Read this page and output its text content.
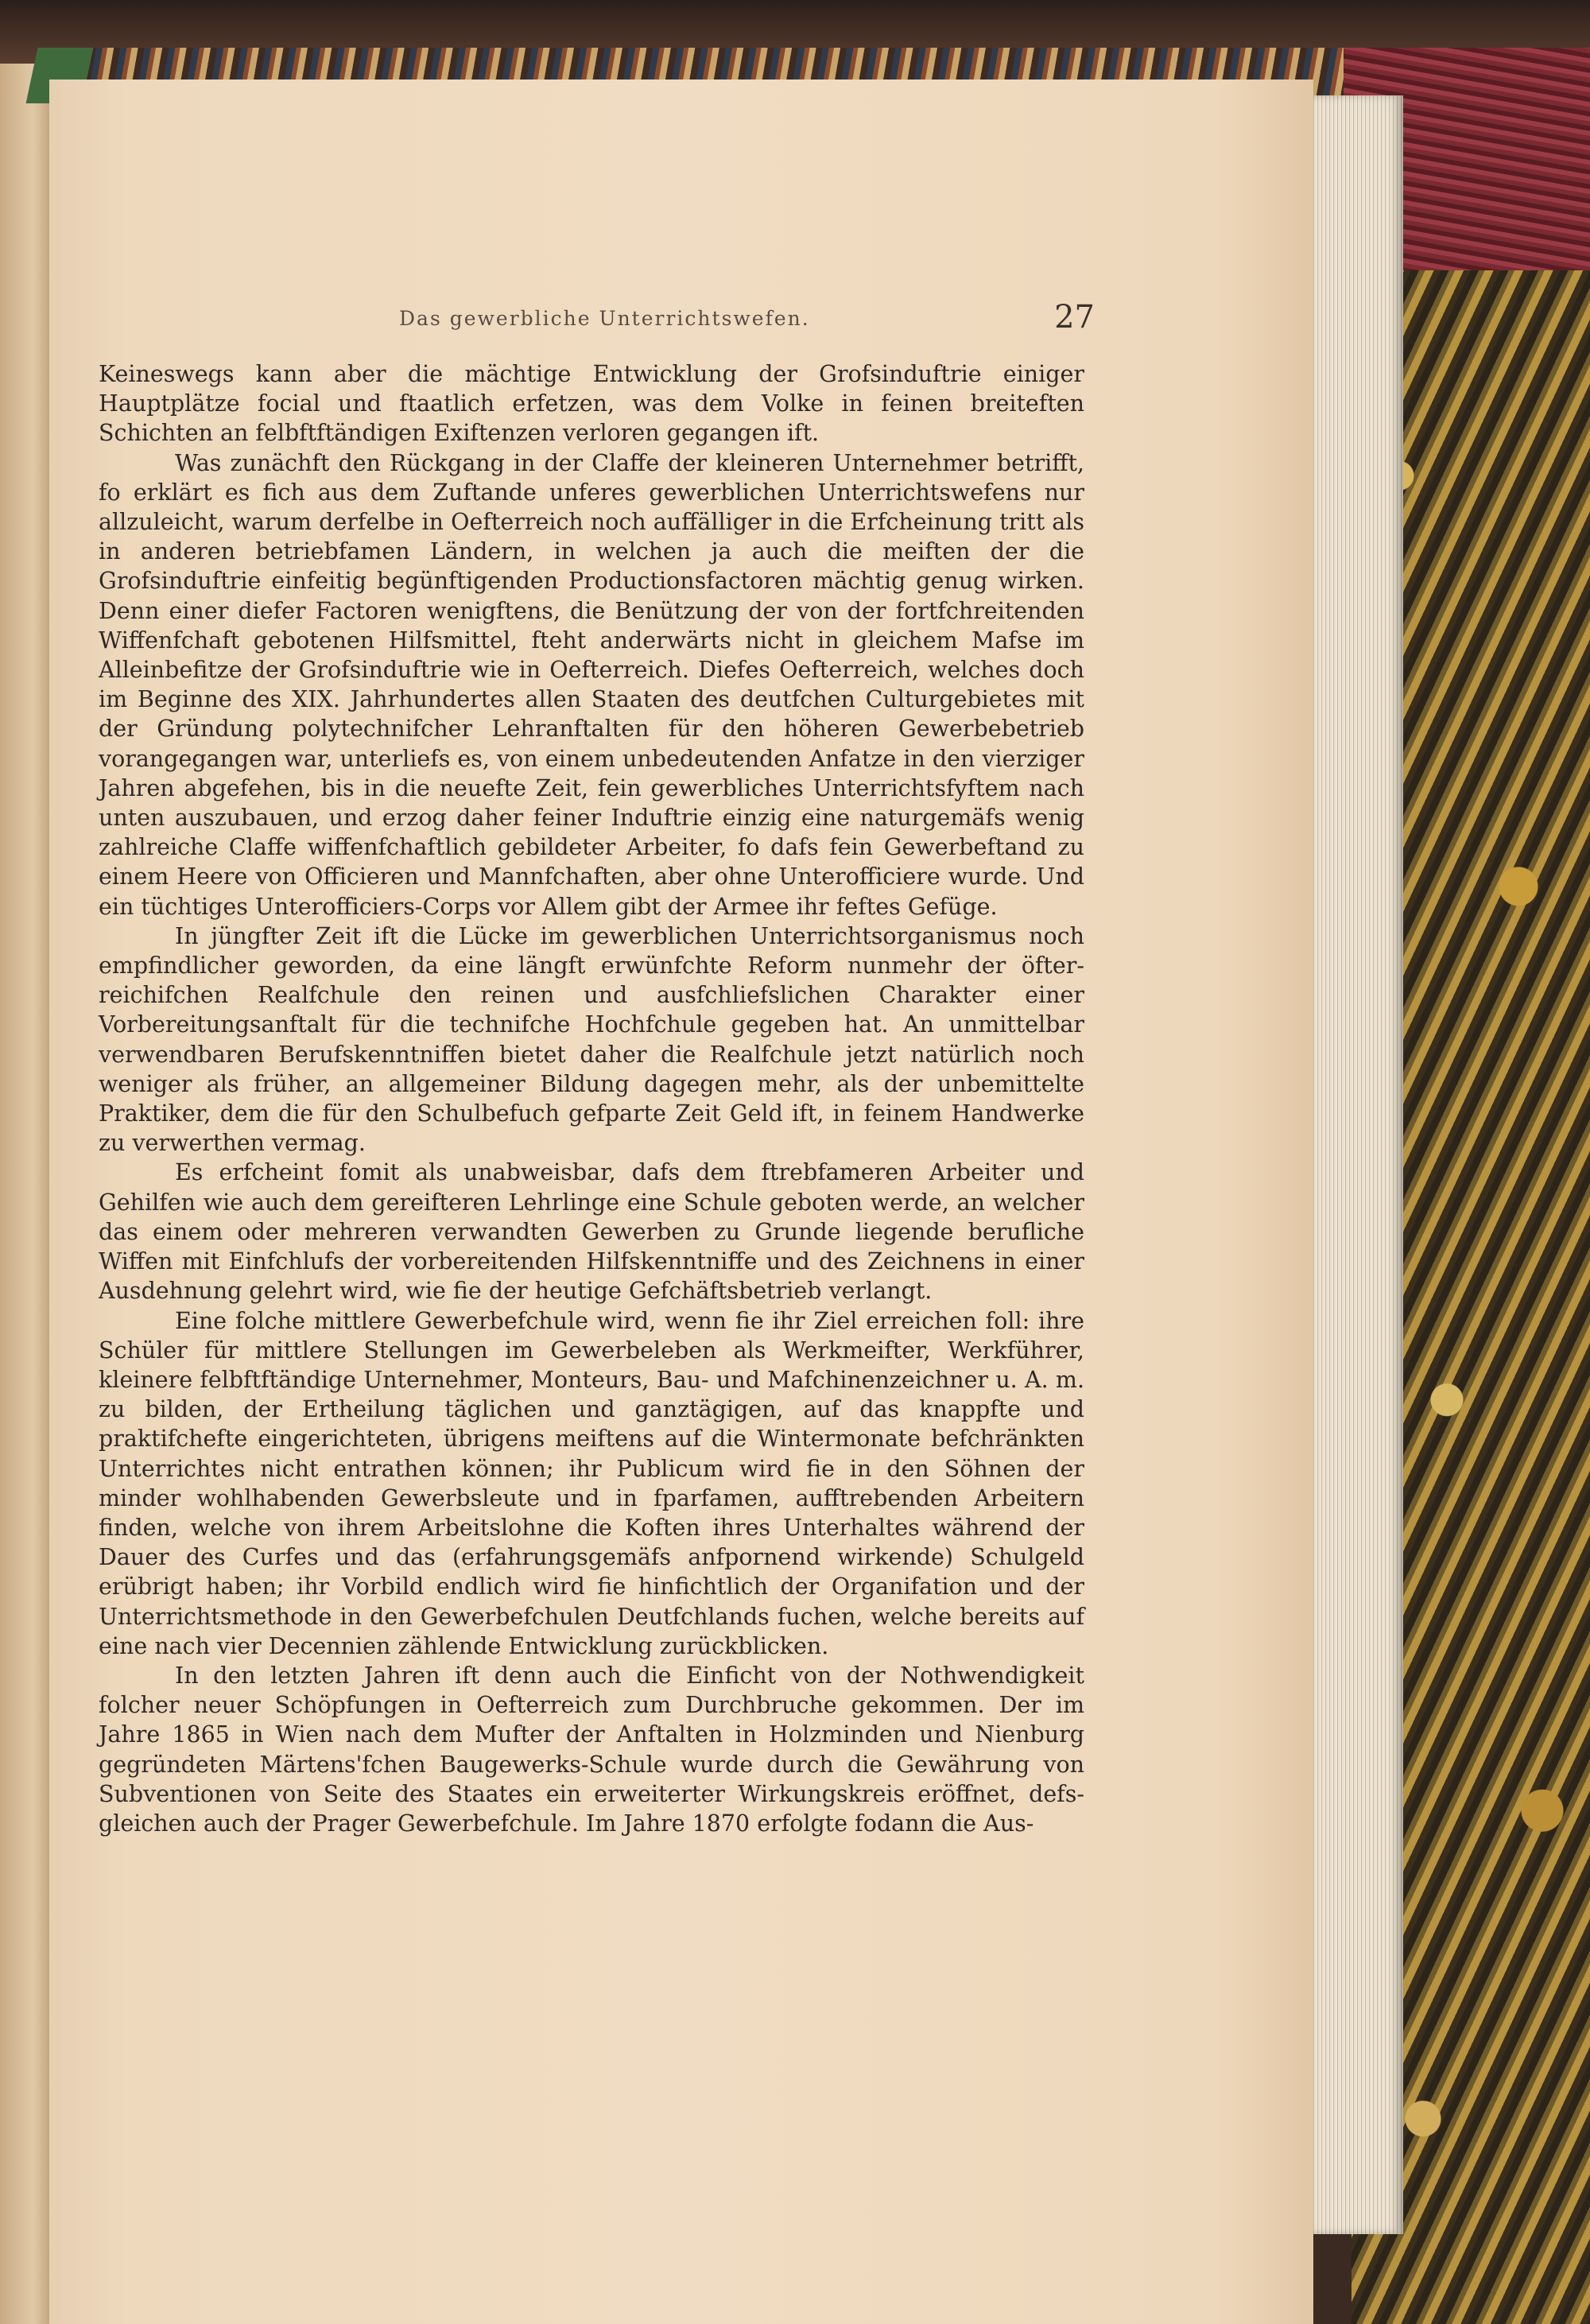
Das gewerbliche Unterrichtswefen.	27

Keineswegs kann aber die mächtige Entwicklung der Grofsinduftrie einiger Hauptplätze focial und ftaatlich erfetzen, was dem Volke in feinen breiteften Schichten an felbftftändigen Exiftenzen verloren gegangen ift.

Was zunächft den Rückgang in der Claffe der kleineren Unternehmer betrifft, fo erklärt es fich aus dem Zuftande unferes gewerblichen Unterrichtswefens nur allzuleicht, warum derfelbe in Oefterreich noch auffälliger in die Erfcheinung tritt als in anderen betriebfamen Ländern, in welchen ja auch die meiften der die Grofsinduftrie einfeitig begünftigenden Productionsfactoren mächtig genug wirken. Denn einer diefer Factoren wenigftens, die Benützung der von der fortfchreitenden Wiffenfchaft gebotenen Hilfsmittel, fteht anderwärts nicht in gleichem Mafse im Alleinbefitze der Grofsinduftrie wie in Oefterreich. Diefes Oefterreich, welches doch im Beginne des XIX. Jahrhundertes allen Staaten des deutfchen Culturgebietes mit der Gründung polytechnifcher Lehranftalten für den höheren Gewerbebetrieb vorangegangen war, unterliefs es, von einem unbedeutenden Anfatze in den vierziger Jahren abgefehen, bis in die neuefte Zeit, fein gewerbliches Unterrichtsfyftem nach unten auszubauen, und erzog daher feiner Induftrie einzig eine naturgemäfs wenig zahlreiche Claffe wiffenfchaftlich gebildeter Arbeiter, fo dafs fein Gewerbeftand zu einem Heere von Officieren und Mannfchaften, aber ohne Unterofficiere wurde. Und ein tüchtiges Unterofficiers-Corps vor Allem gibt der Armee ihr feftes Gefüge.

In jüngfter Zeit ift die Lücke im gewerblichen Unterrichtsorganismus noch empfindlicher geworden, da eine längft erwünfchte Reform nunmehr der öfterreichifchen Realfchule den reinen und ausfchliefslichen Charakter einer Vorbereitungsanftalt für die technifche Hochfchule gegeben hat. An unmittelbar verwendbaren Berufskenntniffen bietet daher die Realfchule jetzt natürlich noch weniger als früher, an allgemeiner Bildung dagegen mehr, als der unbemittelte Praktiker, dem die für den Schulbefuch gefparte Zeit Geld ift, in feinem Handwerke zu verwerthen vermag.

Es erfcheint fomit als unabweisbar, dafs dem ftrebfameren Arbeiter und Gehilfen wie auch dem gereifteren Lehrlinge eine Schule geboten werde, an welcher das einem oder mehreren verwandten Gewerben zu Grunde liegende berufliche Wiffen mit Einfchlufs der vorbereitenden Hilfskenntniffe und des Zeichnens in einer Ausdehnung gelehrt wird, wie fie der heutige Gefchäftsbetrieb verlangt.

Eine folche mittlere Gewerbefchule wird, wenn fie ihr Ziel erreichen foll: ihre Schüler für mittlere Stellungen im Gewerbeleben als Werkmeifter, Werkführer, kleinere felbftftändige Unternehmer, Monteurs, Bau- und Mafchinenzeichner u. A. m. zu bilden, der Ertheilung täglichen und ganztägigen, auf das knappfte und praktifchefte eingerichteten, übrigens meiftens auf die Wintermonate befchränkten Unterrichtes nicht entrathen können; ihr Publicum wird fie in den Söhnen der minder wohlhabenden Gewerbsleute und in fparfamen, aufftrebenden Arbeitern finden, welche von ihrem Arbeitslohne die Koften ihres Unterhaltes während der Dauer des Curfes und das (erfahrungsgemäfs anfpornend wirkende) Schulgeld erübrigt haben; ihr Vorbild endlich wird fie hinfichtlich der Organifation und der Unterrichtsmethode in den Gewerbefchulen Deutfchlands fuchen, welche bereits auf eine nach vier Decennien zählende Entwicklung zurückblicken.

In den letzten Jahren ift denn auch die Einficht von der Nothwendigkeit folcher neuer Schöpfungen in Oefterreich zum Durchbruche gekommen. Der im Jahre 1865 in Wien nach dem Mufter der Anftalten in Holzminden und Nienburg gegründeten Märtens'fchen Baugewerks-Schule wurde durch die Gewährung von Subventionen von Seite des Staates ein erweiterter Wirkungskreis eröffnet, defsgleichen auch der Prager Gewerbefchule. Im Jahre 1870 erfolgte fodann die Aus-
